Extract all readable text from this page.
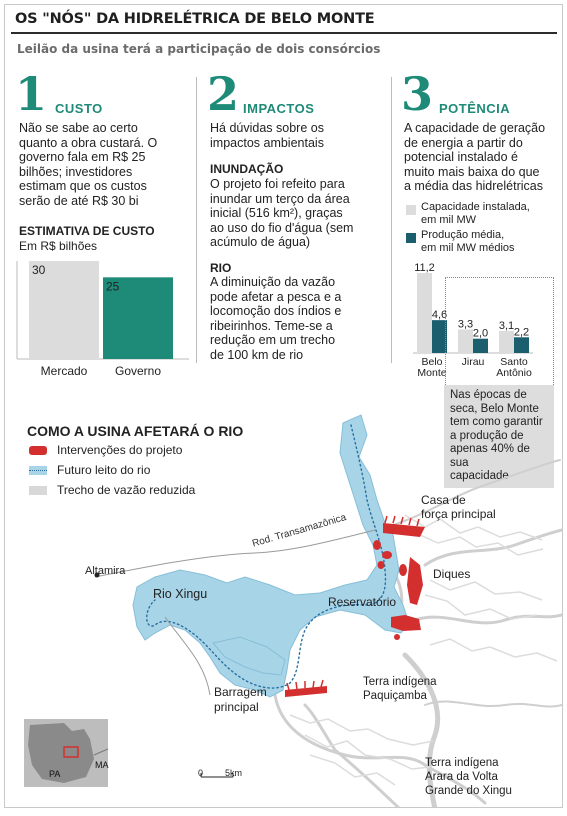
OS "NÓS" DA HIDRELÉTRICA DE BELO MONTE
Leilão da usina terá a participação de dois consórcios
1 CUSTO
Não se sabe ao certo
quanto a obra custará. O
governo fala em R$ 25
bilhões; investidores
estimam que os custos
serão de até R$ 30 bi
ESTIMATIVA DE CUSTO
Em R$ bilhões
30
Mercado
25
Governo
2 IMPACTOS
Há dúvidas sobre os
impactos ambientais
INUNDAÇÃO
O projeto foi refeito para
inundar um terço da área
inicial (516 km²), graças
ao uso do fio d'água (sem
acúmulo de água)
RIO
A diminuição da vazão
pode afetar a pesca e a
locomoção dos índios e
ribeirinhos. Teme-se a
redução em um trecho
de 100 km de rio
3 POTÊNCIA
A capacidade de geração
de energia a partir do
potencial instalado é
muito mais baixa do que
a média das hidrelétricas
Capacidade instalada,
em mil MW
Produção média,
em mil MW médios
11,2
4,6
Belo
Monte
3,3
2,0
Jirau
3,1
2,2
Santo
Antônio
Nas épocas de
seca, Belo Monte
tem como garantir
a produção de
apenas 40% de sua
capacidade
COMO A USINA AFETARÁ O RIO
Intervenções do projeto
Futuro leito do rio
Trecho de vazão reduzida
Casa de
força principal
Rod. Transamazônica
Altamira
Rio Xingu
Diques
Reservatório
Barragem
principal
Terra indígena
Paquiçamba
Terra indígena
Arara da Volta
Grande do Xingu
0 5km
PA
MA
